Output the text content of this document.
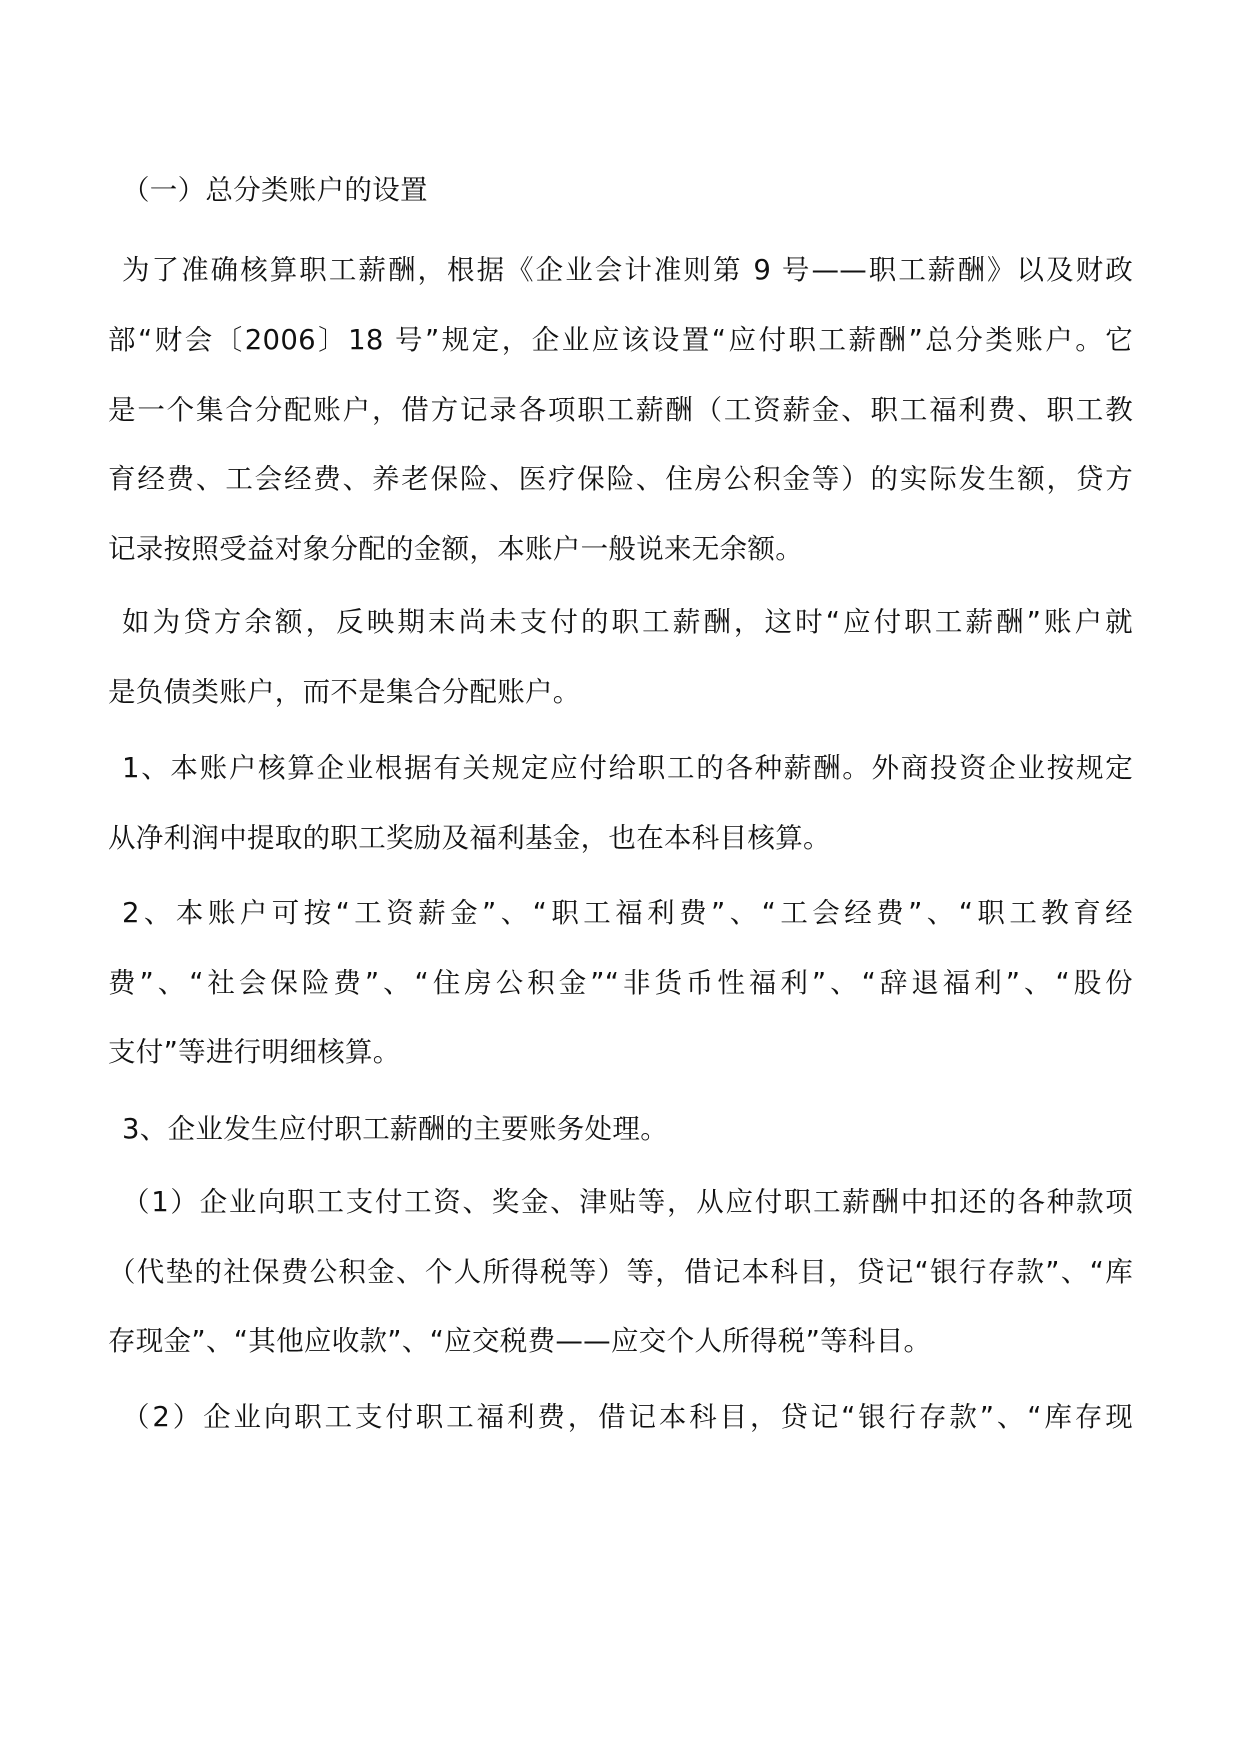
（一）总分类账户的设置
为了准确核算职工薪酬，根据《企业会计准则第 9 号——职工薪酬》以及财政
部“财会〔2006〕18 号”规定，企业应该设置“应付职工薪酬”总分类账户。它
是一个集合分配账户，借方记录各项职工薪酬（工资薪金、职工福利费、职工教
育经费、工会经费、养老保险、医疗保险、住房公积金等）的实际发生额，贷方
记录按照受益对象分配的金额，本账户一般说来无余额。
如为贷方余额，反映期末尚未支付的职工薪酬，这时“应付职工薪酬”账户就
是负债类账户，而不是集合分配账户。
1、本账户核算企业根据有关规定应付给职工的各种薪酬。外商投资企业按规定
从净利润中提取的职工奖励及福利基金，也在本科目核算。
2、本账户可按“工资薪金”、“职工福利费”、“工会经费”、“职工教育经
费”、“社会保险费”、“住房公积金”“非货币性福利”、“辞退福利”、“股份
支付”等进行明细核算。
3、企业发生应付职工薪酬的主要账务处理。
（1）企业向职工支付工资、奖金、津贴等，从应付职工薪酬中扣还的各种款项
（代垫的社保费公积金、个人所得税等）等，借记本科目，贷记“银行存款”、“库
存现金”、“其他应收款”、“应交税费——应交个人所得税”等科目。
（2）企业向职工支付职工福利费，借记本科目，贷记“银行存款”、“库存现
